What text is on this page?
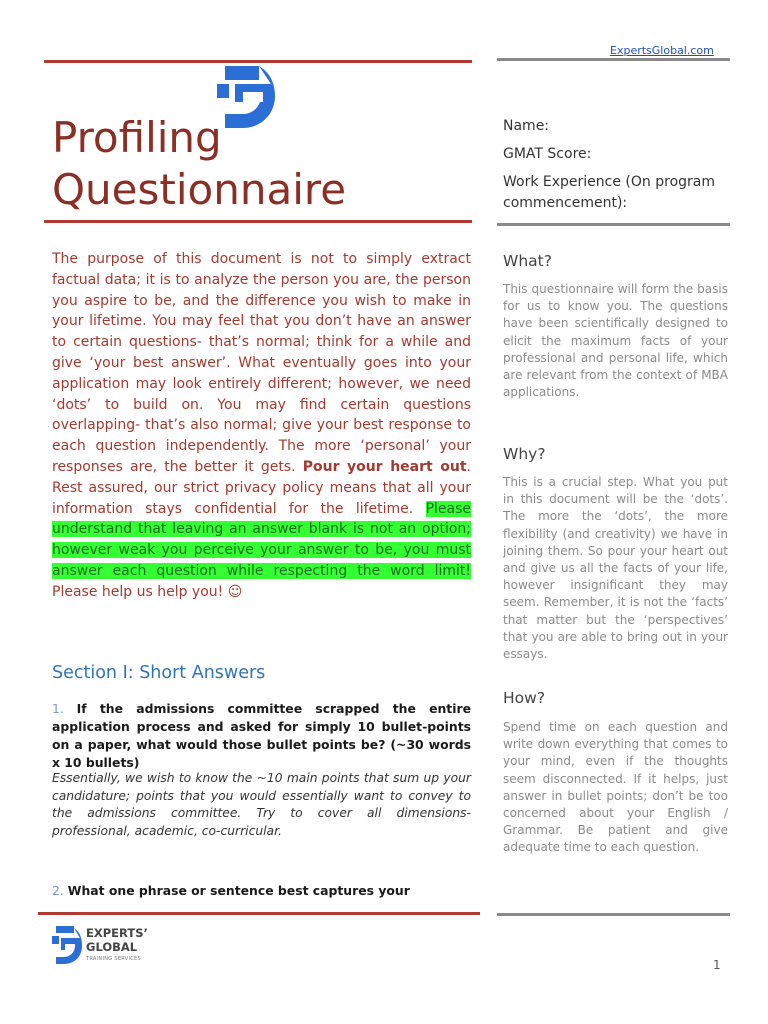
ExpertsGlobal.com
Profiling
Questionnaire
The purpose of this document is not to simply extract factual data; it is to analyze the person you are, the person you aspire to be, and the difference you wish to make in your lifetime. You may feel that you don’t have an answer to certain questions- that’s normal; think for a while and give ‘your best answer’. What eventually goes into your application may look entirely different; however, we need ‘dots’ to build on. You may find certain questions overlapping- that’s also normal; give your best response to each question independently. The more ‘personal’ your responses are, the better it gets. Pour your heart out. Rest assured, our strict privacy policy means that all your information stays confidential for the lifetime. Please understand that leaving an answer blank is not an option; however weak you perceive your answer to be, you must answer each question while respecting the word limit! Please help us help you! ☺
Section I: Short Answers
1. If the admissions committee scrapped the entire application process and asked for simply 10 bullet-points on a paper, what would those bullet points be? (~30 words x 10 bullets)
Essentially, we wish to know the ~10 main points that sum up your candidature; points that you would essentially want to convey to the admissions committee. Try to cover all dimensions- professional, academic, co-curricular.
2. What one phrase or sentence best captures your
EXPERTS’
GLOBAL
TRAINING SERVICES	1
Name:
GMAT Score:
Work Experience (On program commencement):
What?
This questionnaire will form the basis for us to know you. The questions have been scientifically designed to elicit the maximum facts of your professional and personal life, which are relevant from the context of MBA applications.
Why?
This is a crucial step. What you put in this document will be the ‘dots’. The more the ‘dots’, the more flexibility (and creativity) we have in joining them. So pour your heart out and give us all the facts of your life, however insignificant they may seem. Remember, it is not the ‘facts’ that matter but the ‘perspectives’ that you are able to bring out in your essays.
How?
Spend time on each question and write down everything that comes to your mind, even if the thoughts seem disconnected. If it helps, just answer in bullet points; don’t be too concerned about your English / Grammar. Be patient and give adequate time to each question.
